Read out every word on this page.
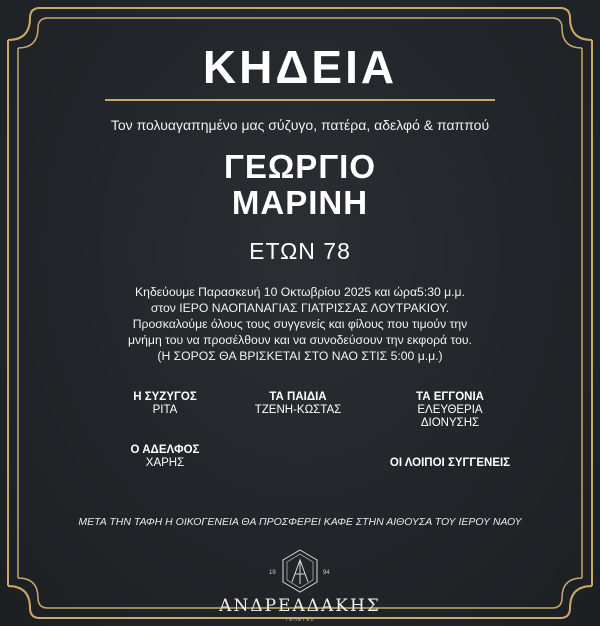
ΚΗΔΕΙΑ
Τον πολυαγαπημένο μας σύζυγο, πατέρα, αδελφό & παππού
ΓΕΩΡΓΙΟ
ΜΑΡΙΝΗ
ΕΤΩΝ 78
Κηδεύουμε Παρασκευή 10 Οκτωβρίου 2025 και ώρα5:30 μ.μ.
στον ΙΕΡΟ ΝΑΟΠΑΝΑΓΙΑΣ ΓΙΑΤΡΙΣΣΑΣ ΛΟΥΤΡΑΚΙΟΥ.
Προσκαλούμε όλους τους συγγενείς και φίλους που τιμούν την
μνήμη του να προσέλθουν και να συνοδεύσουν την εκφορά του.
(Η ΣΟΡΟΣ ΘΑ ΒΡΙΣΚΕΤΑΙ ΣΤΟ ΝΑΟ ΣΤΙΣ 5:00 μ.μ.)
Η ΣΥΖΥΓΟΣ
ΡΙΤΑ
ΤΑ ΠΑΙΔΙΑ
ΤΖΕΝΗ-ΚΩΣΤΑΣ
ΤΑ ΕΓΓΟΝΙΑ
ΕΛΕΥΘΕΡΙΑ
ΔΙΟΝΥΣΗΣ
Ο ΑΔΕΛΦΟΣ
ΧΑΡΗΣ	ΟΙ ΛΟΙΠΟΙ ΣΥΓΓΕΝΕΙΣ
ΜΕΤΑ ΤΗΝ ΤΑΦΗ Η ΟΙΚΟΓΕΝΕΙΑ ΘΑ ΠΡΟΣΦΕΡΕΙ ΚΑΦΕ ΣΤΗΝ ΑΙΘΟΥΣΑ ΤΟΥ ΙΕΡΟΥ ΝΑΟΥ
19	94
ΑΝΔΡΕΑΔΑΚΗΣ
ΤΕΛΕΤΕΣ
